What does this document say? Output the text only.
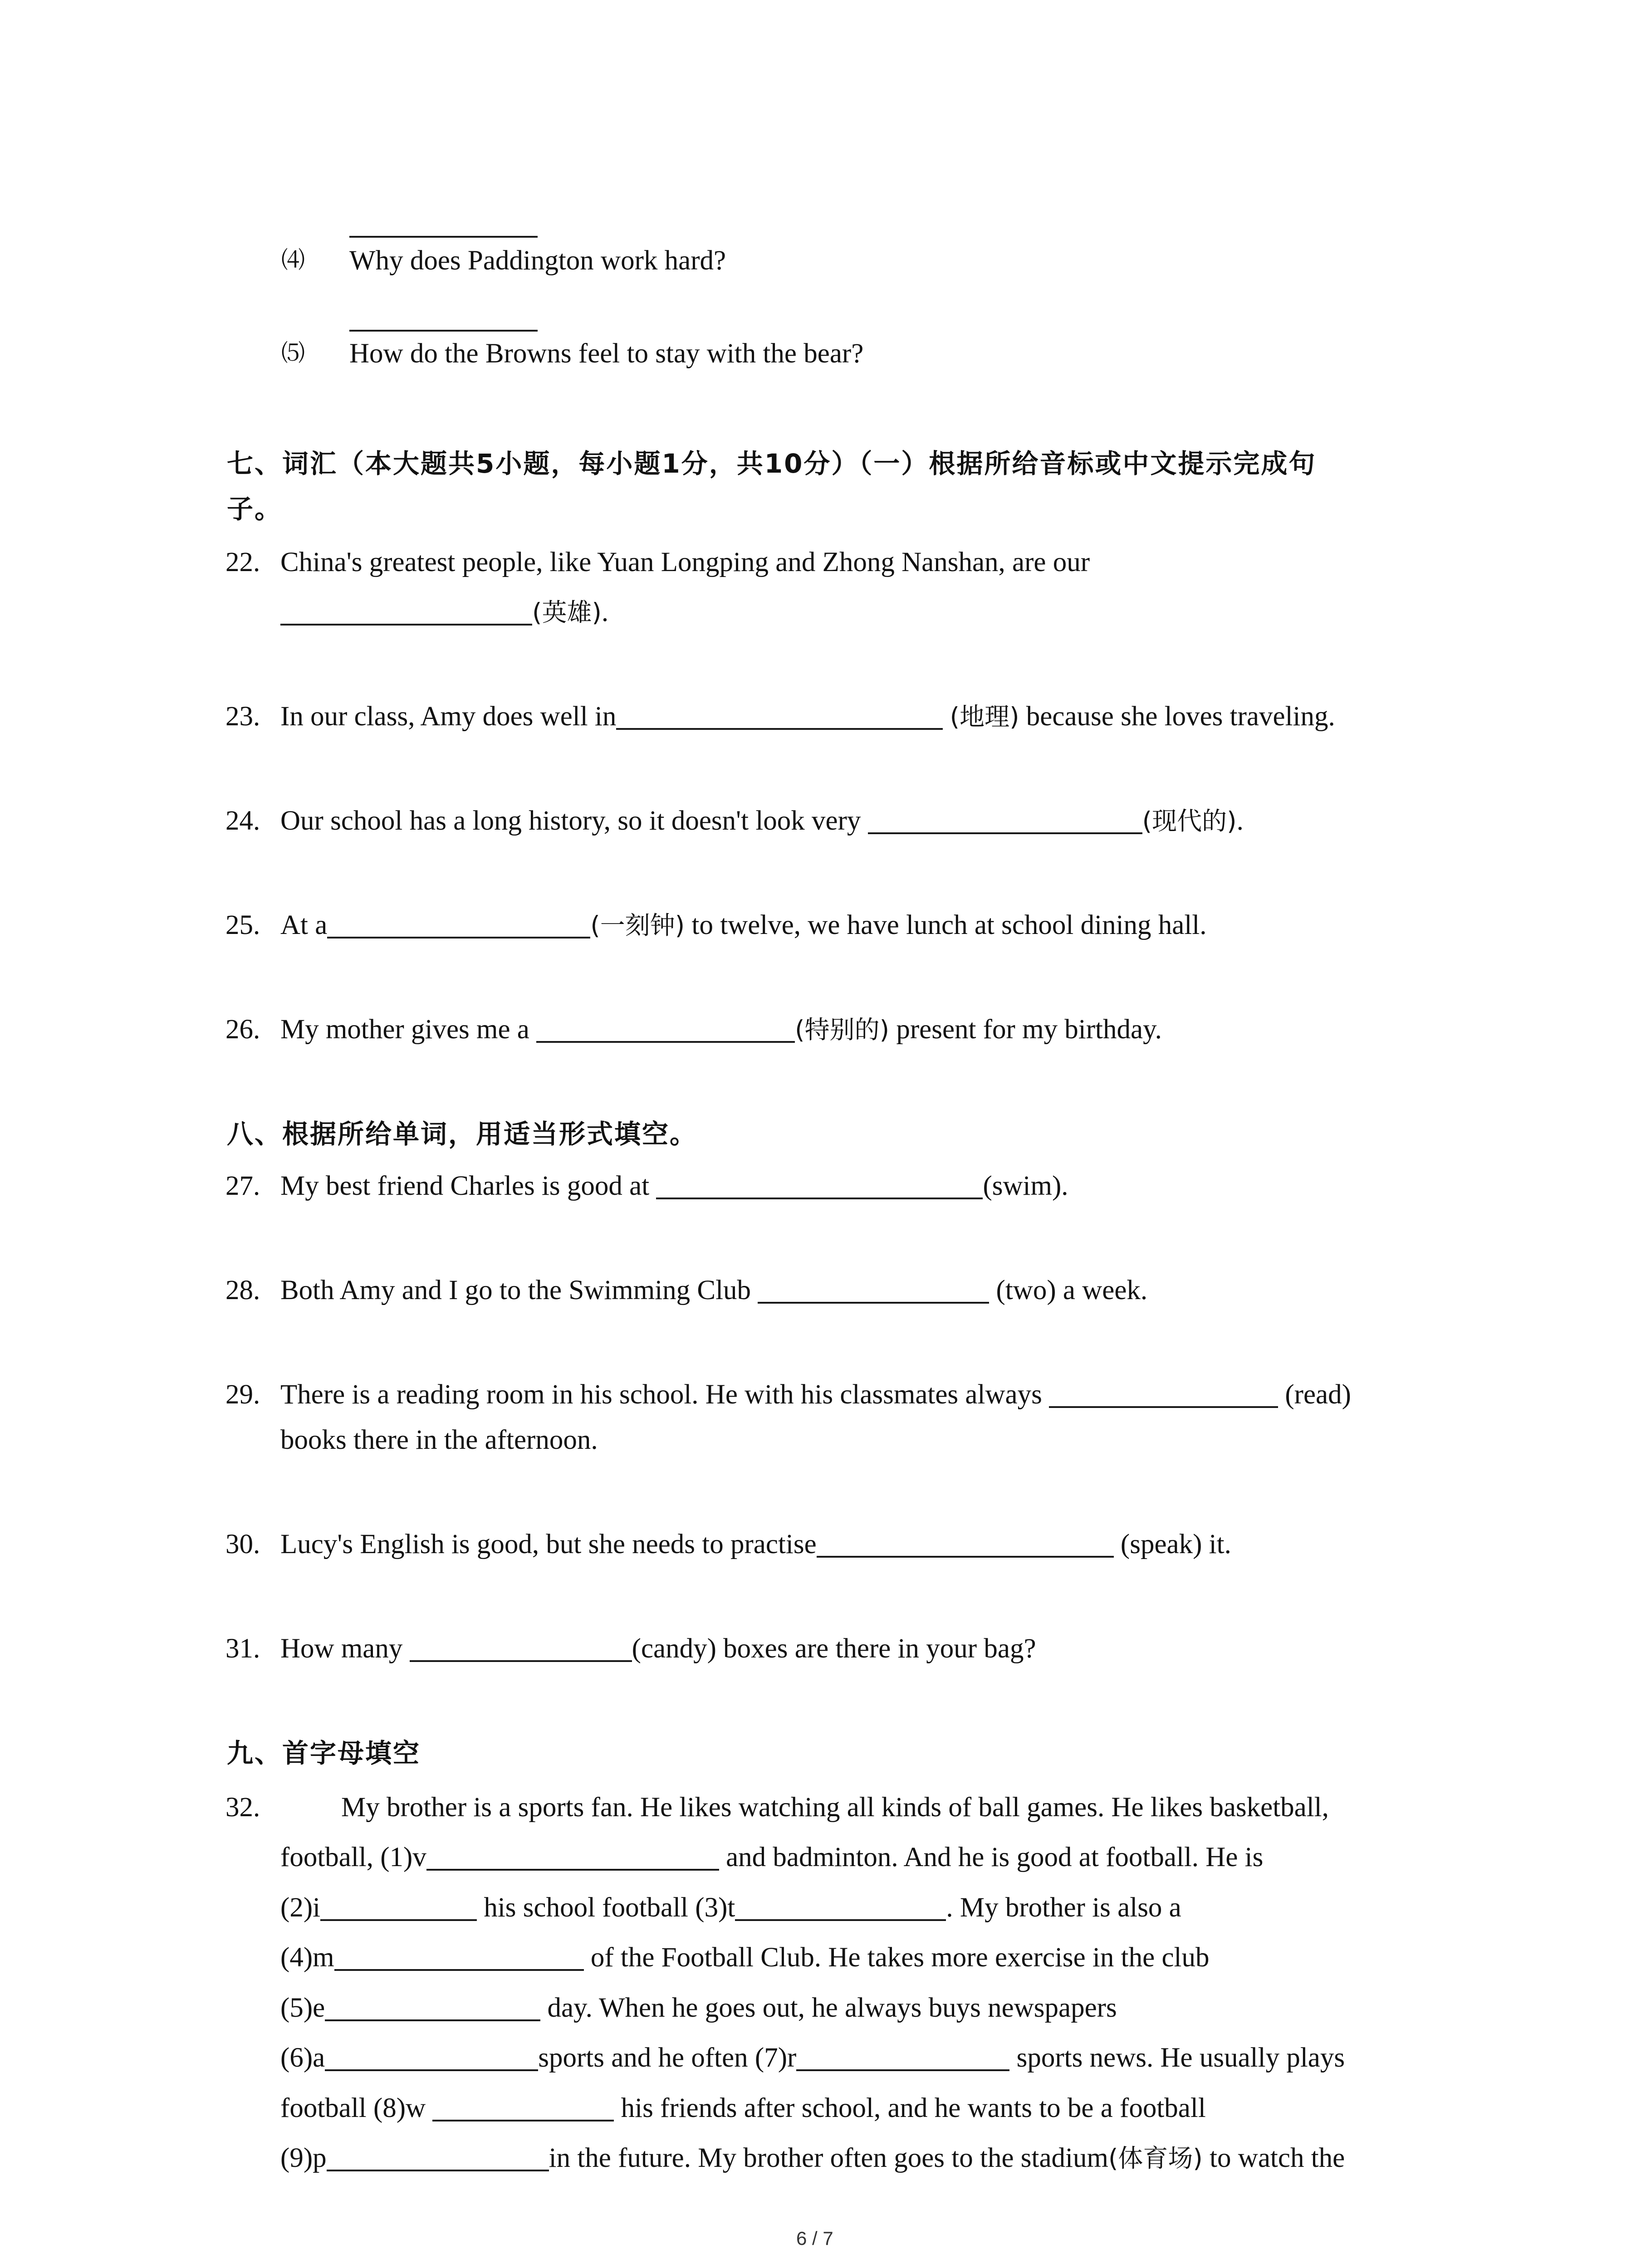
⑷ Why does Paddington work hard?
⑸ How do the Browns feel to stay with the bear?
七、词汇（本大题共5小题，每小题1分，共10分）（一）根据所给音标或中文提示完成句
子。
22. China's greatest people, like Yuan Longping and Zhong Nanshan, are our
(英雄).
23. In our class, Amy does well in	(地理) because she loves traveling.
24. Our school has a long history, so it doesn't look very	(现代的).
25. At a	(一刻钟) to twelve, we have lunch at school dining hall.
26. My mother gives me a	(特别的) present for my birthday.
八、根据所给单词，用适当形式填空。
27. My best friend Charles is good at	(swim).
28. Both Amy and I go to the Swimming Club	(two) a week.
29. There is a reading room in his school. He with his classmates always	(read)
books there in the afternoon.
30. Lucy's English is good, but she needs to practise	(speak) it.
31. How many	(candy) boxes are there in your bag?
九、首字母填空
32.	My brother is a sports fan. He likes watching all kinds of ball games. He likes basketball,
football, (1)v	and badminton. And he is good at football. He is
(2)i	his school football (3)t	. My brother is also a
(4)m	of the Football Club. He takes more exercise in the club
(5)e	day. When he goes out, he always buys newspapers
(6)a	sports and he often (7)r	sports news. He usually plays
football (8)w	his friends after school, and he wants to be a football
(9)p	in the future. My brother often goes to the stadium(体育场) to watch the
6 / 7
